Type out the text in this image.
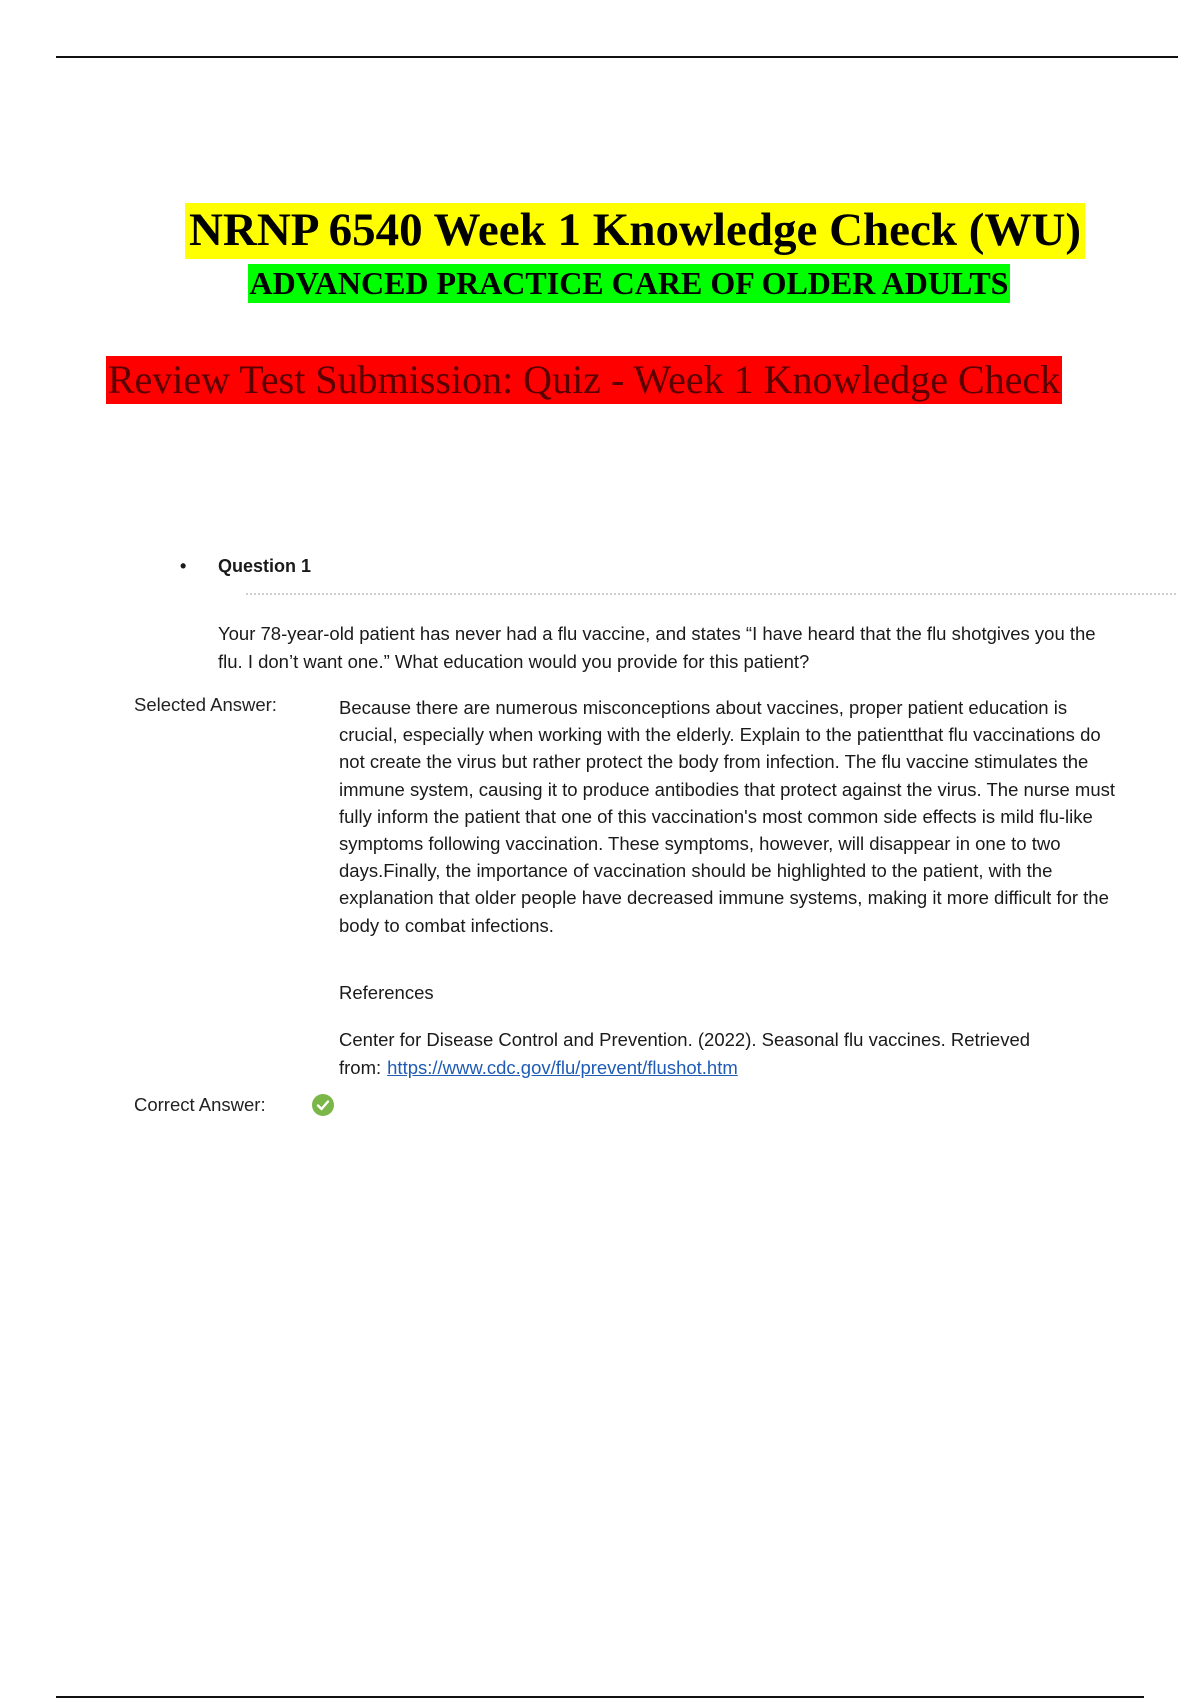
NRNP 6540 Week 1 Knowledge Check (WU)
ADVANCED PRACTICE CARE OF OLDER ADULTS
Review Test Submission: Quiz - Week 1 Knowledge Check
• Question 1
Your 78-year-old patient has never had a flu vaccine, and states “I have heard that the flu shotgives you the flu. I don’t want one.” What education would you provide for this patient?
Selected Answer:	Because there are numerous misconceptions about vaccines, proper patient education is crucial, especially when working with the elderly. Explain to the patientthat flu vaccinations do not create the virus but rather protect the body from infection. The flu vaccine stimulates the immune system, causing it to produce antibodies that protect against the virus. The nurse must fully inform the patient that one of this vaccination's most common side effects is mild flu-like symptoms following vaccination. These symptoms, however, will disappear in one to two days.Finally, the importance of vaccination should be highlighted to the patient, with the explanation that older people have decreased immune systems, making it more difficult for the body to combat infections.
References
Center for Disease Control and Prevention. (2022). Seasonal flu vaccines. Retrieved from: https://www.cdc.gov/flu/prevent/flushot.htm
Correct Answer:
